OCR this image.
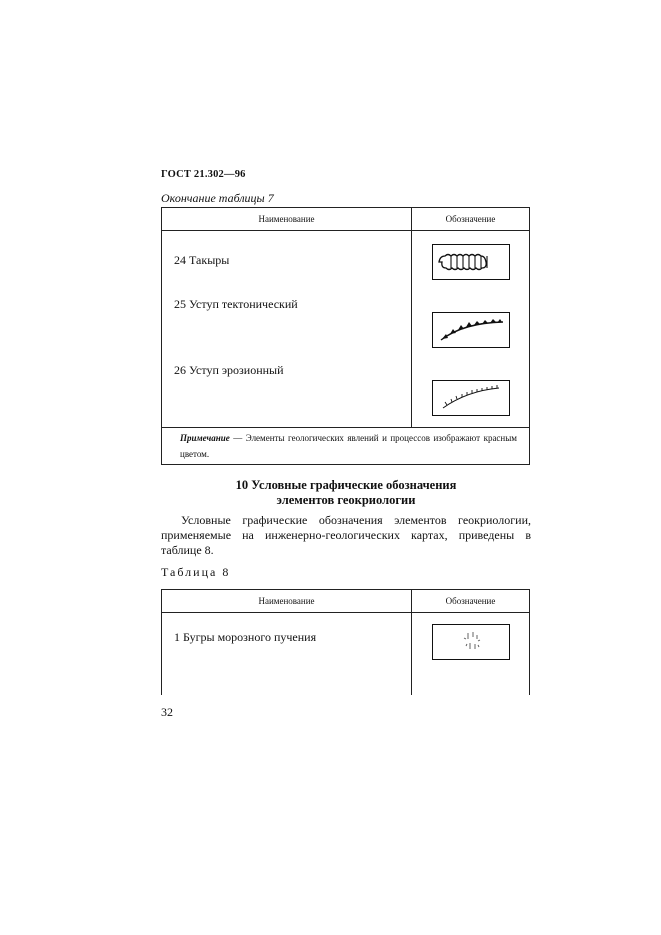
ГОСТ 21.302—96
Окончание таблицы 7
Наименование	Обозначение

24 Такыры
25 Уступ тектонический
26 Уступ эрозионный

Примечание — Элементы геологических явлений и процессов изображают красным цветом.	
10 Условные графические обозначения
элементов геокриологии
Условные графические обозначения элементов геокриологии, применяемые на инженерно-геологических картах, приведены в таблице 8.
Таблица 8
Наименование	Обозначение

1 Бугры морозного пучения

32
